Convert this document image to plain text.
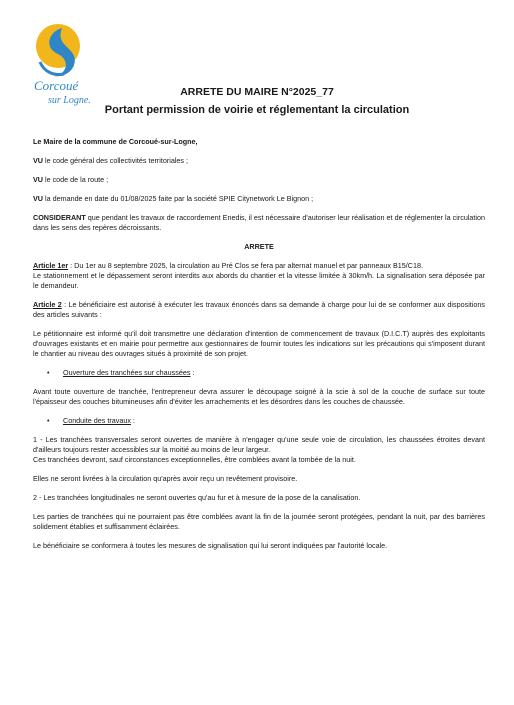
Corcoué
sur Logne.
ARRETE DU MAIRE N°2025_77
Portant permission de voirie et réglementant la circulation

Le Maire de la commune de Corcoué-sur-Logne,

VU le code général des collectivités territoriales ;

VU le code de la route ;

VU la demande en date du 01/08/2025 faite par la société SPIE Citynetwork Le Bignon ;

CONSIDERANT que pendant les travaux de raccordement Enedis, il est nécessaire d'autoriser leur réalisation et de réglementer la circulation dans les sens des repères décroissants.

ARRETE

Article 1er : Du 1er au 8 septembre 2025, la circulation au Pré Clos se fera par alternat manuel et par panneaux B15/C18.

Le stationnement et le dépassement seront interdits aux abords du chantier et la vitesse limitée à 30km/h. La signalisation sera déposée par le demandeur.

Article 2 : Le bénéficiaire est autorisé à exécuter les travaux énoncés dans sa demande à charge pour lui de se conformer aux dispositions des articles suivants :

Le pétitionnaire est informé qu'il doit transmettre une déclaration d'intention de commencement de travaux (D.I.C.T) auprès des exploitants d'ouvrages existants et en mairie pour permettre aux gestionnaires de fournir toutes les indications sur les précautions qui s'imposent durant le chantier au niveau des ouvrages situés à proximité de son projet.

•	Ouverture des tranchées sur chaussées :

Avant toute ouverture de tranchée, l'entrepreneur devra assurer le découpage soigné à la scie à sol de la couche de surface sur toute l'épaisseur des couches bitumineuses afin d'éviter les arrachements et les désordres dans les couches de chaussée.

•	Conduite des travaux :

1 - Les tranchées transversales seront ouvertes de manière à n'engager qu'une seule voie de circulation, les chaussées étroites devant d'ailleurs toujours rester accessibles sur la moitié au moins de leur largeur.

Ces tranchées devront, sauf circonstances exceptionnelles, être comblées avant la tombée de la nuit.

Elles ne seront livrées à la circulation qu'après avoir reçu un revêtement provisoire.

2 - Les tranchées longitudinales ne seront ouvertes qu'au fur et à mesure de la pose de la canalisation.

Les parties de tranchées qui ne pourraient pas être comblées avant la fin de la journée seront protégées, pendant la nuit, par des barrières solidement établies et suffisamment éclairées.

Le bénéficiaire se conformera à toutes les mesures de signalisation qui lui seront indiquées par l'autorité locale.
